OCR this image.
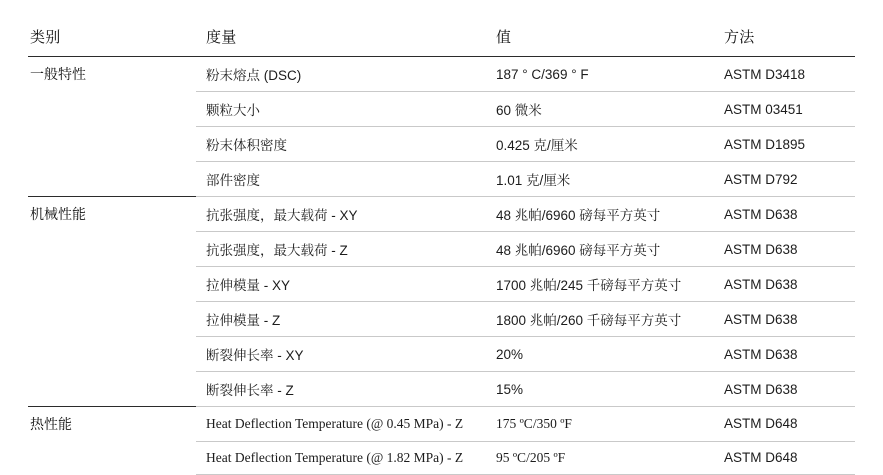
类别	度量	值	方法
一般特性	粉末熔点 (DSC)	187 ° C/369 ° F	ASTM D3418
	颗粒大小	60 微米	ASTM 03451
	粉末体积密度	0.425 克/厘米	ASTM D1895
	部件密度	1.01 克/厘米	ASTM D792
机械性能	抗张强度，最大载荷 - XY	48 兆帕/6960 磅每平方英寸	ASTM D638
	抗张强度，最大载荷 - Z	48 兆帕/6960 磅每平方英寸	ASTM D638
	拉伸模量 - XY	1700 兆帕/245 千磅每平方英寸	ASTM D638
	拉伸模量 - Z	1800 兆帕/260 千磅每平方英寸	ASTM D638
	断裂伸长率 - XY	20%	ASTM D638
	断裂伸长率 - Z	15%	ASTM D638
热性能	Heat Deflection Temperature (@ 0.45 MPa) - Z	175 ºC/350 ºF	ASTM D648
	Heat Deflection Temperature (@ 1.82 MPa) - Z	95 ºC/205 ºF	ASTM D648
